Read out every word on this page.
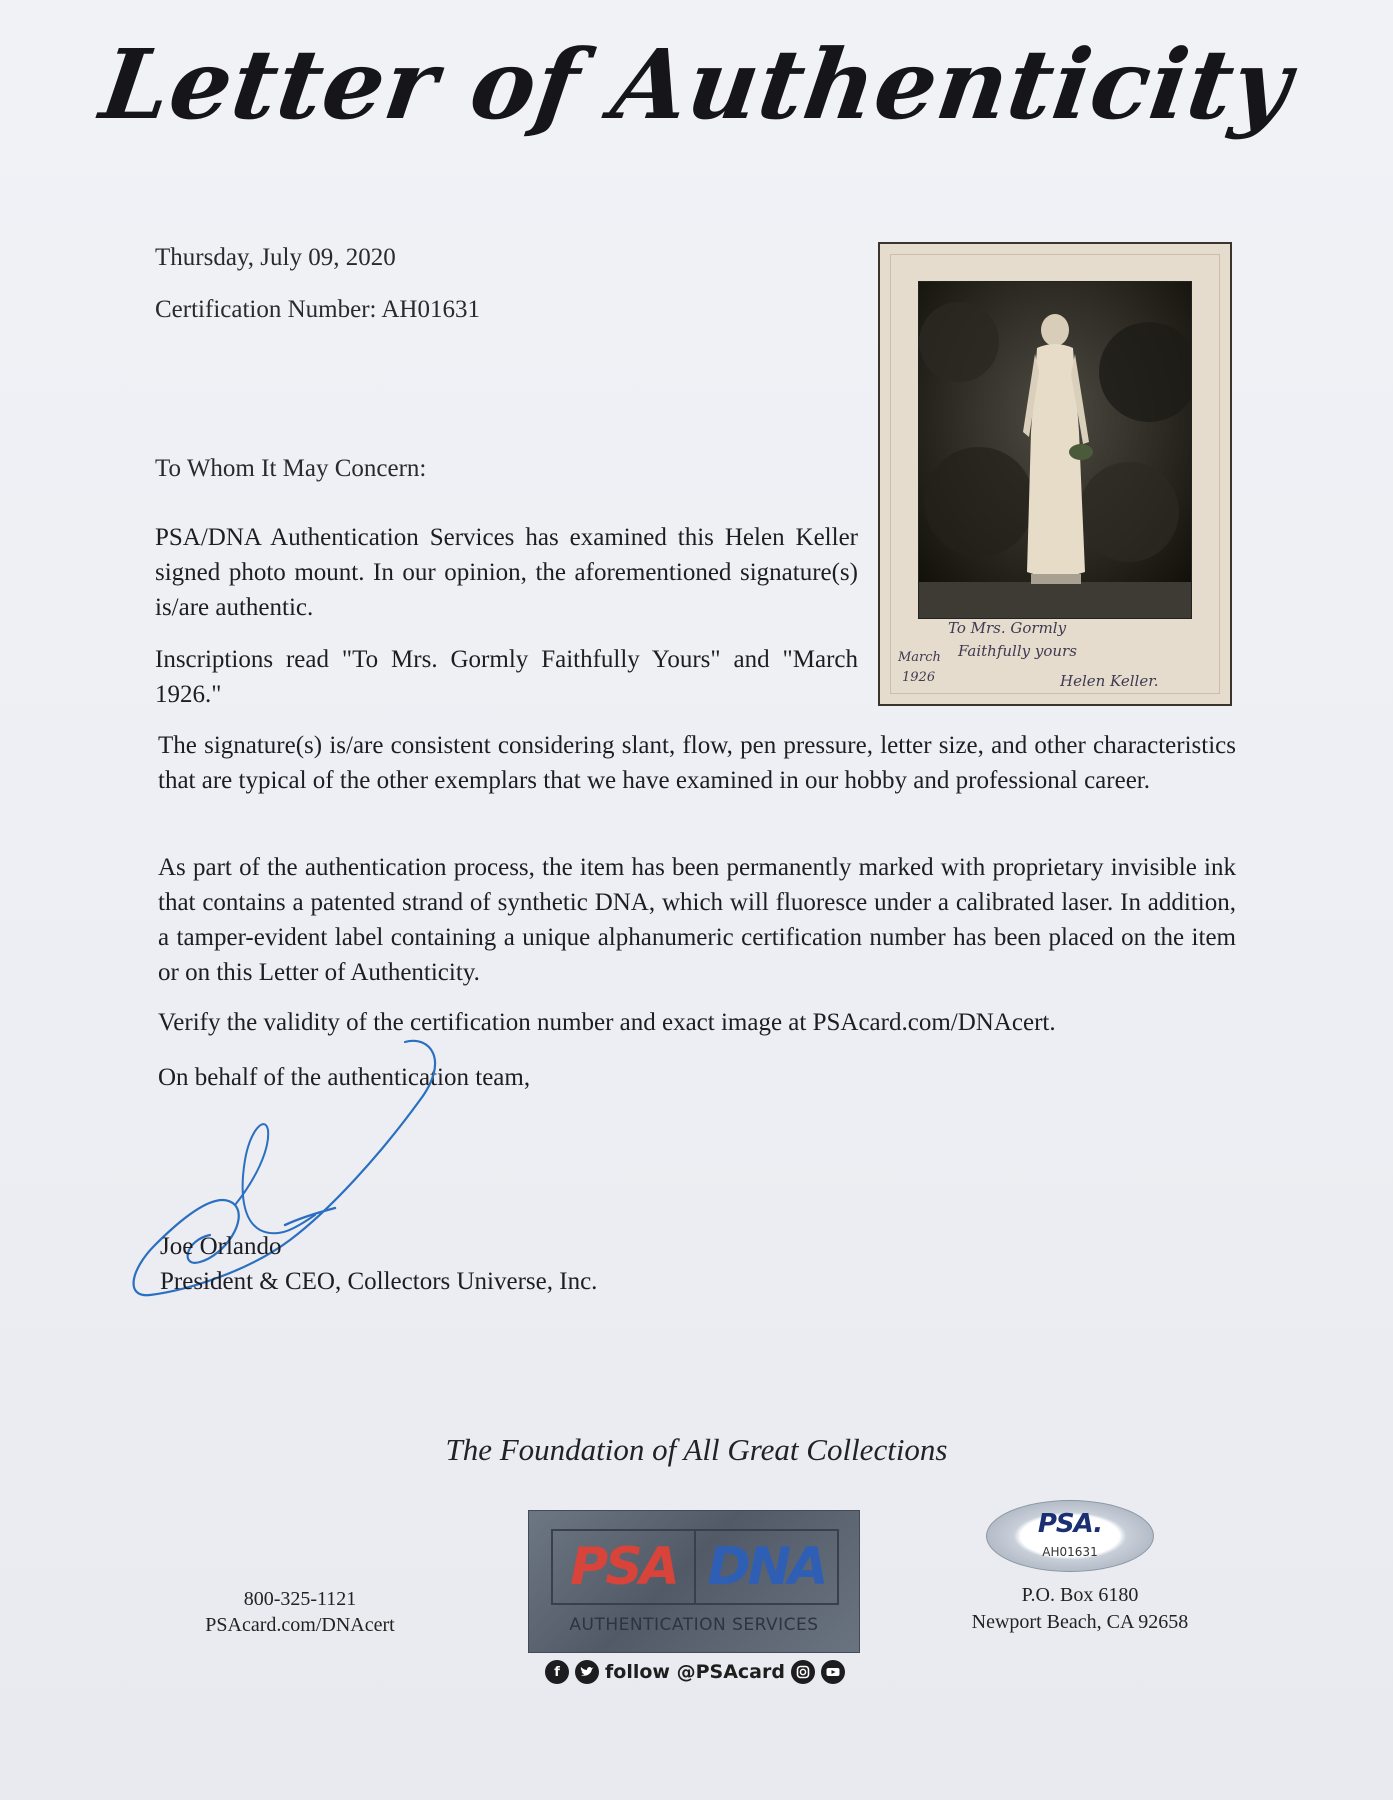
Letter of Authenticity
Thursday, July 09, 2020
Certification Number: AH01631
To Mrs. Gormly
Faithfully yours
March
1926	Helen Keller.
To Whom It May Concern:
PSA/DNA Authentication Services has examined this Helen Keller signed photo mount. In our opinion, the aforementioned signature(s) is/are authentic.
Inscriptions read "To Mrs. Gormly Faithfully Yours" and "March 1926."
The signature(s) is/are consistent considering slant, flow, pen pressure, letter size, and other characteristics that are typical of the other exemplars that we have examined in our hobby and professional career.
As part of the authentication process, the item has been permanently marked with proprietary invisible ink that contains a patented strand of synthetic DNA, which will fluoresce under a calibrated laser. In addition, a tamper-evident label containing a unique alphanumeric certification number has been placed on the item or on this Letter of Authenticity.
Verify the validity of the certification number and exact image at PSAcard.com/DNAcert.
On behalf of the authentication team,
Joe Orlando
President & CEO, Collectors Universe, Inc.
The Foundation of All Great Collections
800-325-1121
PSAcard.com/DNAcert
PSA DNA
AUTHENTICATION SERVICES
f	follow @PSAcard
PSA.
AH01631
P.O. Box 6180
Newport Beach, CA 92658
